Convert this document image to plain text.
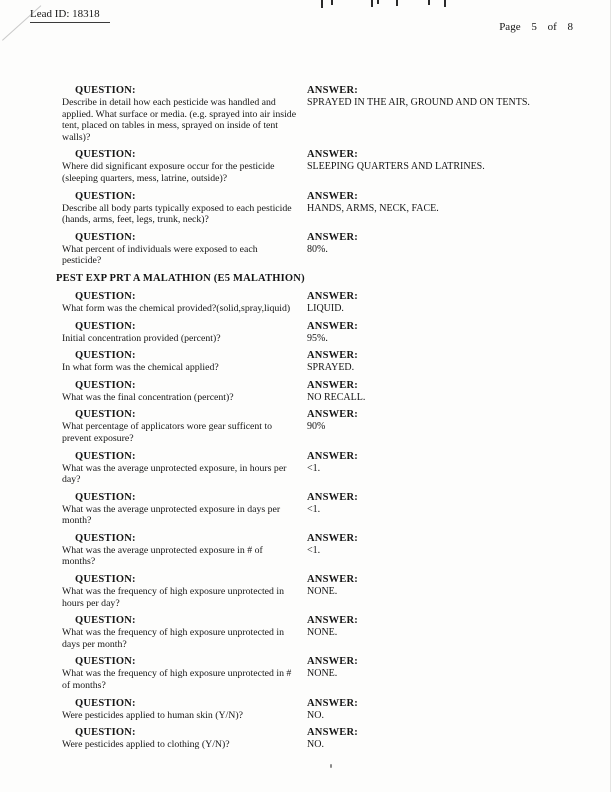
Lead ID: 18318
Page 5 of 8
QUESTION:
Describe in detail how each pesticide was handled and applied. What surface or media. (e.g. sprayed into air inside tent, placed on tables in mess, sprayed on inside of tent walls)?
ANSWER:
SPRAYED IN THE AIR, GROUND AND ON TENTS.
QUESTION:
Where did significant exposure occur for the pesticide (sleeping quarters, mess, latrine, outside)?
ANSWER:
SLEEPING QUARTERS AND LATRINES.
QUESTION:
Describe all body parts typically exposed to each pesticide (hands, arms, feet, legs, trunk, neck)?
ANSWER:
HANDS, ARMS, NECK, FACE.
QUESTION:
What percent of individuals were exposed to each pesticide?
ANSWER:
80%.
PEST EXP PRT A MALATHION (E5 MALATHION)
QUESTION:
What form was the chemical provided?(solid,spray,liquid)
ANSWER:
LIQUID.
QUESTION:
Initial concentration provided (percent)?
ANSWER:
95%.
QUESTION:
In what form was the chemical applied?
ANSWER:
SPRAYED.
QUESTION:
What was the final concentration (percent)?
ANSWER:
NO RECALL.
QUESTION:
What percentage of applicators wore gear sufficent to prevent exposure?
ANSWER:
90%
QUESTION:
What was the average unprotected exposure, in hours per day?
ANSWER:
<1.
QUESTION:
What was the average unprotected exposure in days per month?
ANSWER:
<1.
QUESTION:
What was the average unprotected exposure in # of months?
ANSWER:
<1.
QUESTION:
What was the frequency of high exposure unprotected in hours per day?
ANSWER:
NONE.
QUESTION:
What was the frequency of high exposure unprotected in days per month?
ANSWER:
NONE.
QUESTION:
What was the frequency of high exposure unprotected in # of months?
ANSWER:
NONE.
QUESTION:
Were pesticides applied to human skin (Y/N)?
ANSWER:
NO.
QUESTION:
Were pesticides applied to clothing (Y/N)?
ANSWER:
NO.
